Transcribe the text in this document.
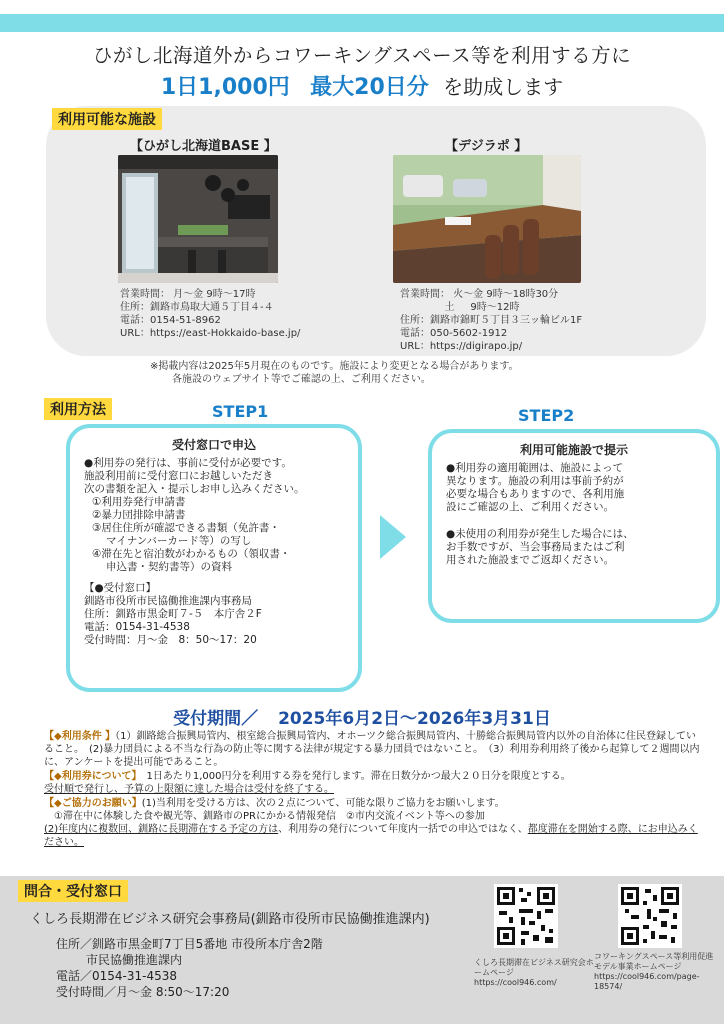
ひがし北海道外からコワーキングスペース等を利用する方に
1日1,000円 最大20日分 を助成します
利用可能な施設
【ひがし北海道BASE 】	【デジラポ 】
営業時間： 月～金 9時～17時
住所：釧路市鳥取大通５丁目４-４
電話：0154-51-8962
URL：https://east-Hokkaido-base.jp/
営業時間： 火～金 9時～18時30分
土     9時～12時
住所：釧路市錦町５丁目３三ッ輪ビル1F
電話：050-5602-1912
URL：https://digirapo.jp/
※掲載内容は2025年5月現在のものです。施設により変更となる場合があります。
各施設のウェブサイト等でご確認の上、ご利用ください。
利用方法	STEP1	STEP2
受付窓口で申込
●利用券の発行は、事前に受付が必要です。
施設利用前に受付窓口にお越しいただき
次の書類を記入・提示しお申し込みください。
①利用券発行申請書
②暴力団排除申請書
③居住住所が確認できる書類（免許書・
マイナンバーカード等）の写し
④滞在先と宿泊数がわかるもの（領収書・
申込書・契約書等）の資料
【●受付窓口】
釧路市役所市民協働推進課内事務局
住所：釧路市黒金町７-５　本庁舎２F
電話：0154-31-4538
受付時間：月～金　8：50～17：20
利用可能施設で提示
●利用券の適用範囲は、施設によって
異なります。施設の利用は事前予約が
必要な場合もありますので、各利用施
設にご確認の上、ご利用ください。
●未使用の利用券が発生した場合には、
お手数ですが、当会事務局またはご利
用された施設までご返却ください。
受付期間／ 2025年6月2日～2026年3月31日
【◆利用条件 】（1）釧路総合振興局管内、根室総合振興局管内、オホーツク総合振興局管内、十勝総合振興局管内以外の自治体に住民登録していること。　(2)暴力団員による不当な行為の防止等に関する法律が規定する暴力団員ではないこと。　（3）利用券利用終了後から起算して２週間以内に、アンケートを提出可能であること。
【◆利用券について】　1日あたり1,000円分を利用する券を発行します。滞在日数分かつ最大２０日分を限度とする。
受付順で発行し、予算の上限額に達した場合は受付を終了する。
【◆ご協力のお願い】(1)当利用を受ける方は、次の２点について、可能な限りご協力をお願いします。
①滞在中に体験した食や観光等、釧路市のPRにかかる情報発信　②市内交流イベント等への参加
(2)年度内に複数回、釧路に長期滞在する予定の方は、利用券の発行について年度内一括での申込ではなく、都度滞在を開始する際、にお申込みください。
問合・受付窓口
くしろ長期滞在ビジネス研究会事務局(釧路市役所市民協働推進課内)
住所／釧路市黒金町7丁目5番地 市役所本庁舎2階
市民協働推進課内
電話／0154-31-4538
受付時間／月～金 8:50～17:20
くしろ長期滞在ビジネス研究会ホームページ https://cool946.com/
コワーキングスペース等利用促進モデル事業ホームページ https://cool946.com/page-18574/
